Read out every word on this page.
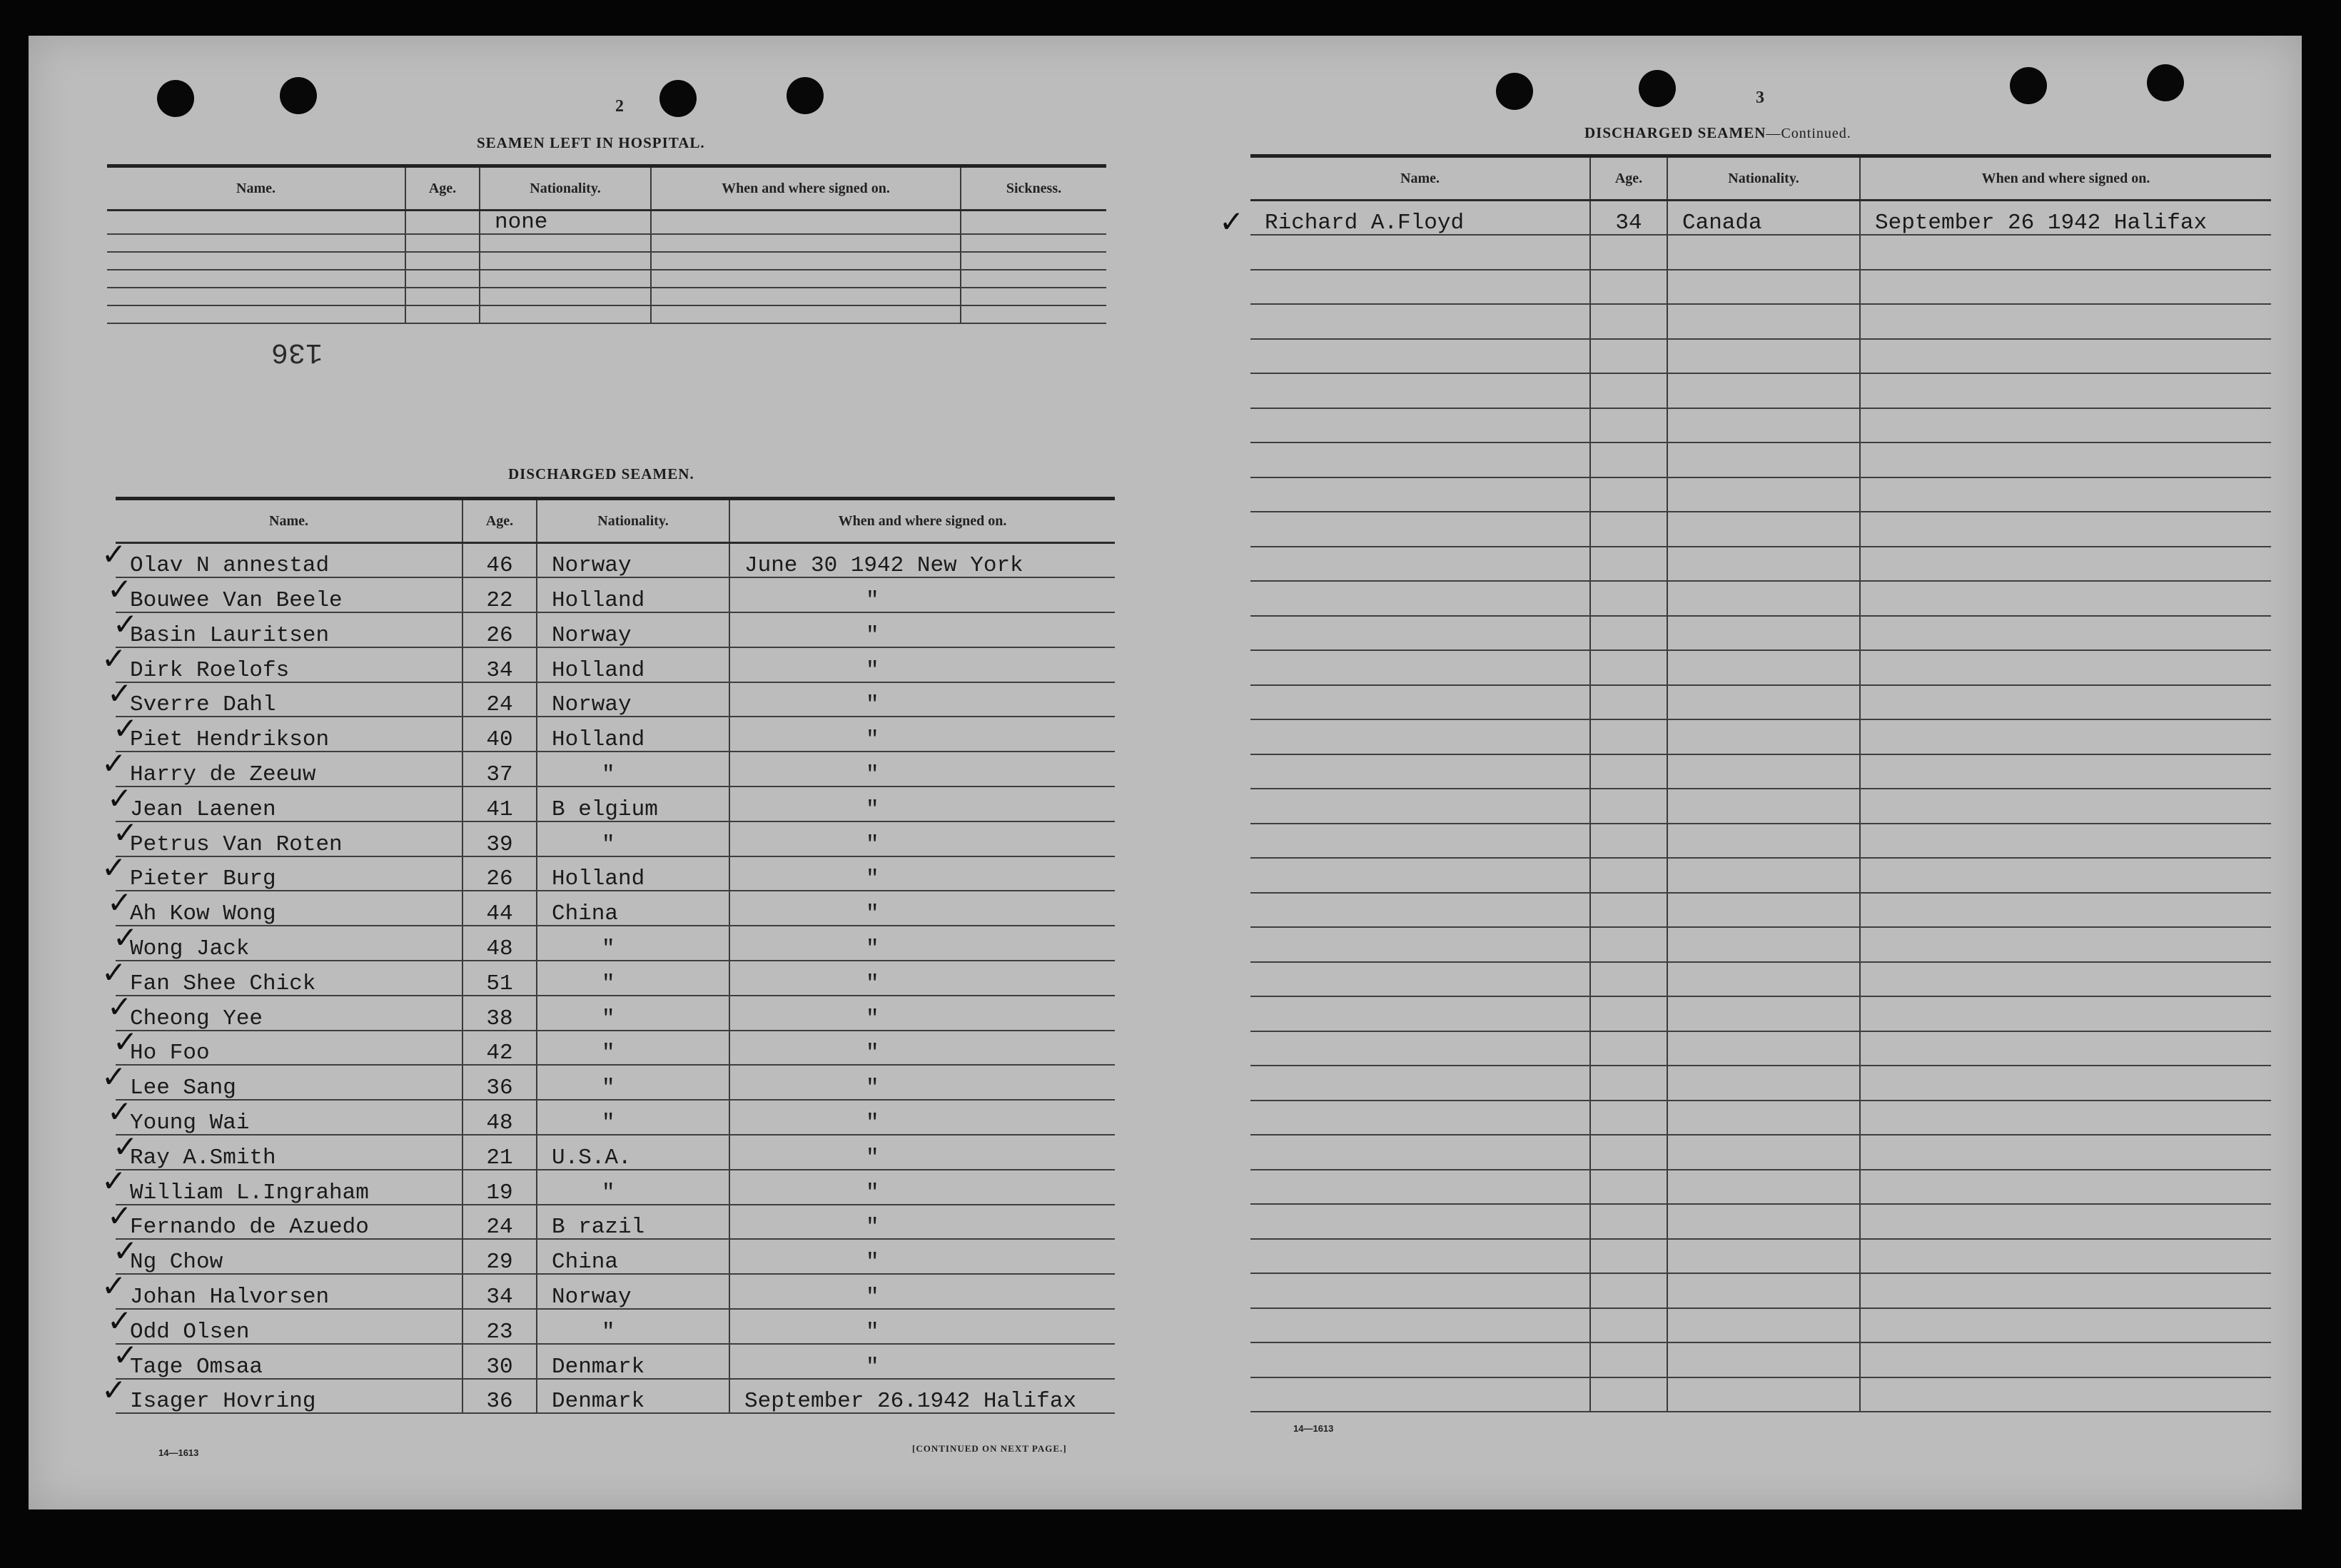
2
SEAMEN LEFT IN HOSPITAL.
Name.	Age.	Nationality.	When and where signed on.	Sickness.
		none		

136
DISCHARGED SEAMEN.
Name.	Age.	Nationality.	When and where signed on.
Olav N annestad	46	Norway	June 30 1942 New York
Bouwee Van Beele	22	Holland	"
Basin Lauritsen	26	Norway	"
Dirk Roelofs	34	Holland	"
Sverre Dahl	24	Norway	"
Piet Hendrikson	40	Holland	"
Harry de Zeeuw	37	"	"
Jean Laenen	41	B elgium	"
Petrus Van Roten	39	"	"
Pieter Burg	26	Holland	"
Ah Kow Wong	44	China	"
Wong Jack	48	"	"
Fan Shee Chick	51	"	"
Cheong Yee	38	"	"
Ho Foo	42	"	"
Lee Sang	36	"	"
Young Wai	48	"	"
Ray A.Smith	21	U.S.A.	"
William L.Ingraham	19	"	"
Fernando de Azuedo	24	B razil	"
Ng Chow	29	China	"
Johan Halvorsen	34	Norway	"
Odd Olsen	23	"	"
Tage Omsaa	30	Denmark	"
Isager Hovring	36	Denmark	September 26.1942 Halifax
14—1613	[CONTINUED ON NEXT PAGE.]
3
DISCHARGED SEAMEN—Continued.
Name.	Age.	Nationality.	When and where signed on.
Richard A.Floyd	34	Canada	September 26 1942 Halifax

14—1613
✓
✓
✓
✓
✓
✓
✓
✓
✓
✓
✓
✓
✓
✓
✓
✓
✓
✓
✓
✓
✓
✓
✓
✓
✓
✓
